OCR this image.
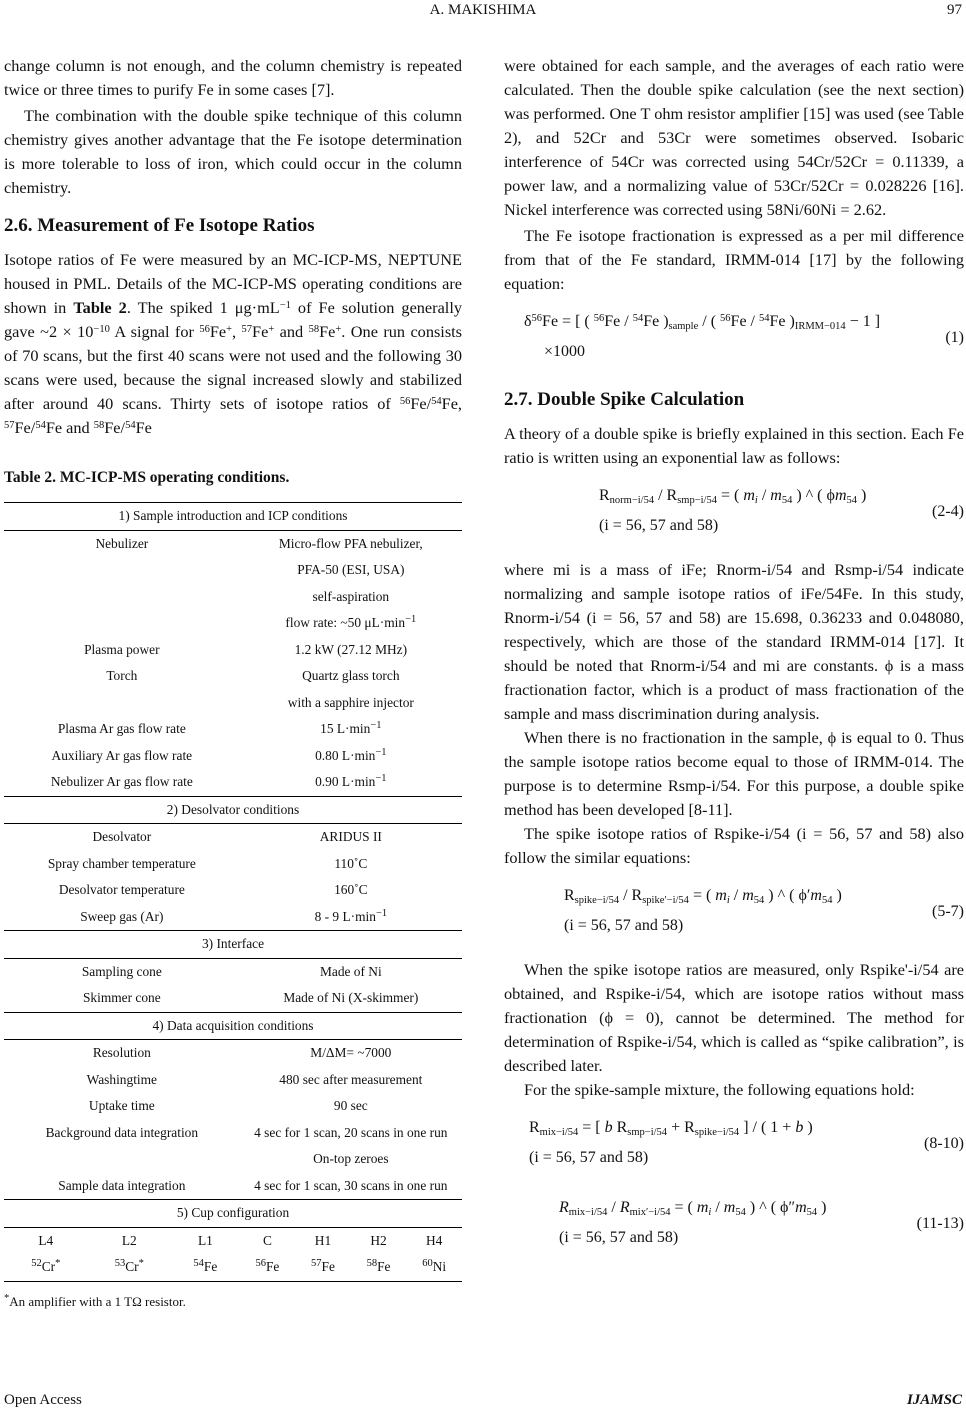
A. MAKISHIMA	97

change column is not enough, and the column chemistry is repeated twice or three times to purify Fe in some cases [7].

The combination with the double spike technique of this column chemistry gives another advantage that the Fe isotope determination is more tolerable to loss of iron, which could occur in the column chemistry.

2.6. Measurement of Fe Isotope Ratios

Isotope ratios of Fe were measured by an MC-ICP-MS, NEPTUNE housed in PML. Details of the MC-ICP-MS operating conditions are shown in Table 2. The spiked 1 $\mu g\cdot mL^{-1}$ of Fe solution generally gave ~2 × $10^{-10}$ A signal for $^{56}$Fe+, $^{57}$Fe+ and $^{58}$Fe+. One run consists of 70 scans, but the first 40 scans were not used and the following 30 scans were used, because the signal increased slowly and stabilized after around 40 scans. Thirty sets of isotope ratios of $^{56}$Fe/$^{54}$Fe, $^{57}$Fe/$^{54}$Fe and $^{58}$Fe/$^{54}$Fe

Table 2. MC-ICP-MS operating conditions.
1) Sample introduction and ICP conditions						
Nebulizer			Micro-flow PFA nebulizer,			
			PFA-50 (ESI, USA)			
			self-aspiration			
			flow rate: ~50 $\mu L\cdot\min^{-1}$
Plasma power			1.2 kW (27.12 MHz)			
Torch			Quartz glass torch			
			with a sapphire injector			
Plasma Ar gas flow rate			15 $L\cdot\min^{-1}$
Auxiliary Ar gas flow rate			0.80 $L\cdot\min^{-1}$
Nebulizer Ar gas flow rate			0.90 $L\cdot\min^{-1}$
2) Desolvator conditions						
Desolvator			ARIDUS II			
Spray chamber temperature			110˚C			
Desolvator temperature			160˚C			
Sweep gas (Ar)			8 - 9 $L\cdot\min^{-1}$
3) Interface						
Sampling cone			Made of Ni			
Skimmer cone			Made of Ni (X-skimmer)			
4) Data acquisition conditions						
Resolution			M/ΔM= ~7000			
Washingtime			480 sec after measurement			
Uptake time			90 sec			
Background data integration			4 sec for 1 scan, 20 scans in one run			
			On-top zeroes			
Sample data integration			4 sec for 1 scan, 30 scans in one run			
5) Cup configuration						
L4	L2	L1	C	H1	H2	H4
$^{52}$Cr*	$^{53}$Cr*	$^{54}$Fe	$^{56}$Fe	$^{57}$Fe	$^{58}$Fe	$^{60}$Ni
*An amplifier with a 1 TΩ resistor.

were obtained for each sample, and the averages of each ratio were calculated. Then the double spike calculation (see the next section) was performed. One T ohm resistor amplifier [15] was used (see Table 2), and 52Cr and 53Cr were sometimes observed. Isobaric interference of 54Cr was corrected using 54Cr/52Cr = 0.11339, a power law, and a normalizing value of 53Cr/52Cr = 0.028226 [16]. Nickel interference was corrected using 58Ni/60Ni = 2.62.

The Fe isotope fractionation is expressed as a per mil difference from that of the Fe standard, IRMM-014 [17] by the following equation:

$\delta^{56}Fe$ = [ ( $^{56}$Fe / $^{54}$Fe )$_{sample}$ / ( $^{56}$Fe / $^{54}$Fe )$_{IRMM-014} - 1$ ]
×1000
(1)
2.7. Double Spike Calculation

A theory of a double spike is briefly explained in this section. Each Fe ratio is written using an exponential law as follows:

$R_{norm-i/54} / R_{smp-i/54}$ = ( $m_i / m_{54}$ ) ^ ( $\phi m_{54}$ )
(i = 56, 57 and 58)
(2-4)

where mi is a mass of iFe; Rnorm-i/54 and Rsmp-i/54 indicate normalizing and sample isotope ratios of iFe/54Fe. In this study, Rnorm-i/54 (i = 56, 57 and 58) are 15.698, 0.36233 and 0.048080, respectively, which are those of the standard IRMM-014 [17]. It should be noted that Rnorm-i/54 and mi are constants. ϕ is a mass fractionation factor, which is a product of mass fractionation of the sample and mass discrimination during analysis.

When there is no fractionation in the sample, ϕ is equal to 0. Thus the sample isotope ratios become equal to those of IRMM-014. The purpose is to determine Rsmp-i/54. For this purpose, a double spike method has been developed [8-11].

The spike isotope ratios of Rspike-i/54 (i = 56, 57 and 58) also follow the similar equations:

$R_{spike-i/54} / R_{spike'-i/54}$ = ( $m_i / m_{54}$ ) ^ ( $\phi'm_{54}$ )
(i = 56, 57 and 58)
(5-7)

When the spike isotope ratios are measured, only Rspike'-i/54 are obtained, and Rspike-i/54, which are isotope ratios without mass fractionation (ϕ = 0), cannot be determined. The method for determination of Rspike-i/54, which is called as “spike calibration”, is described later.

For the spike-sample mixture, the following equations hold:

$R_{mix-i/54}$ = [ b $R_{smp-i/54} + R_{spike-i/54}$ ] / ( 1 + b )
(i = 56, 57 and 58)
(8-10)
$R_{mix-i/54} / R_{mix'-i/54}$ = ( $m_i / m_{54}$ ) ^ ( $\phi''m_{54}$ )
(i = 56, 57 and 58)
(11-13)
Open Access	IJAMSC
